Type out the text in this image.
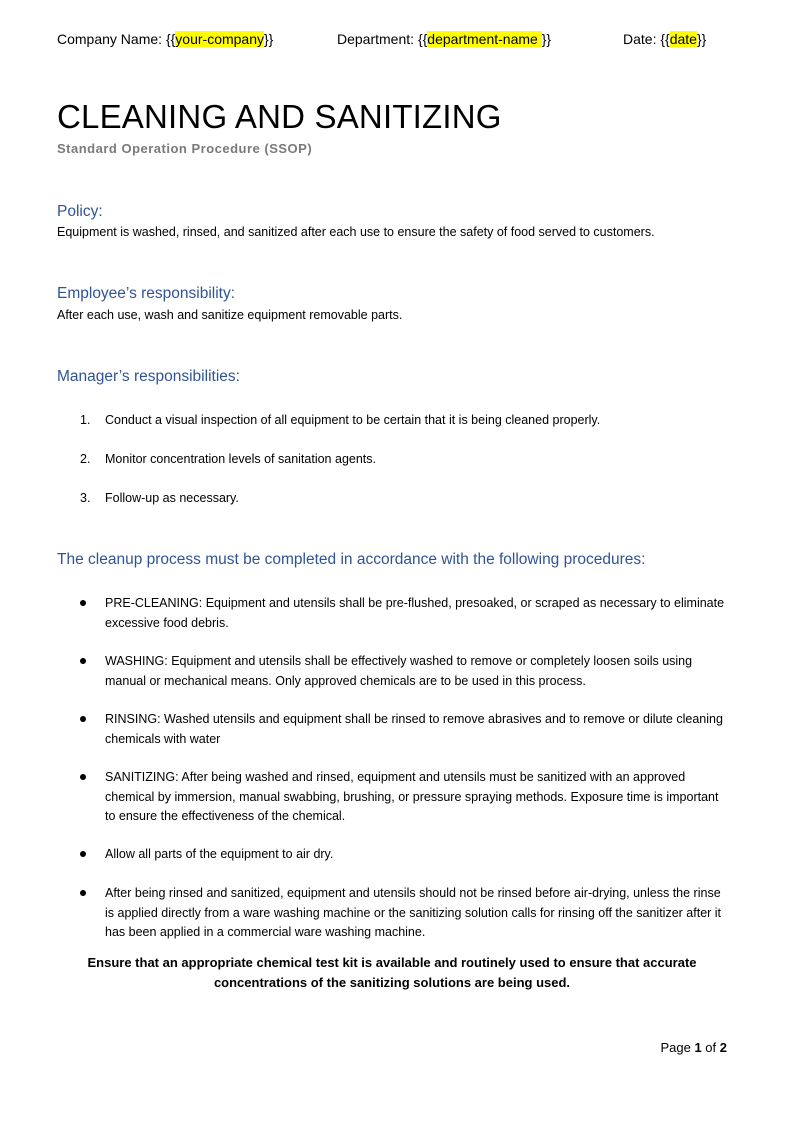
Company Name: {{your-company}}	Department: {{department-name }}	Date: {{date}}
CLEANING AND SANITIZING
Standard Operation Procedure (SSOP)
Policy:
Equipment is washed, rinsed, and sanitized after each use to ensure the safety of food served to customers.
Employee’s responsibility:
After each use, wash and sanitize equipment removable parts.
Manager’s responsibilities:
1. Conduct a visual inspection of all equipment to be certain that it is being cleaned properly.
2. Monitor concentration levels of sanitation agents.
3. Follow-up as necessary.
The cleanup process must be completed in accordance with the following procedures:
PRE-CLEANING: Equipment and utensils shall be pre-flushed, presoaked, or scraped as necessary to eliminate excessive food debris.
WASHING: Equipment and utensils shall be effectively washed to remove or completely loosen soils using manual or mechanical means. Only approved chemicals are to be used in this process.
RINSING: Washed utensils and equipment shall be rinsed to remove abrasives and to remove or dilute cleaning chemicals with water
SANITIZING: After being washed and rinsed, equipment and utensils must be sanitized with an approved chemical by immersion, manual swabbing, brushing, or pressure spraying methods. Exposure time is important to ensure the effectiveness of the chemical.
Allow all parts of the equipment to air dry.
After being rinsed and sanitized, equipment and utensils should not be rinsed before air-drying, unless the rinse is applied directly from a ware washing machine or the sanitizing solution calls for rinsing off the sanitizer after it has been applied in a commercial ware washing machine.
Ensure that an appropriate chemical test kit is available and routinely used to ensure that accurate concentrations of the sanitizing solutions are being used.
Page 1 of 2
